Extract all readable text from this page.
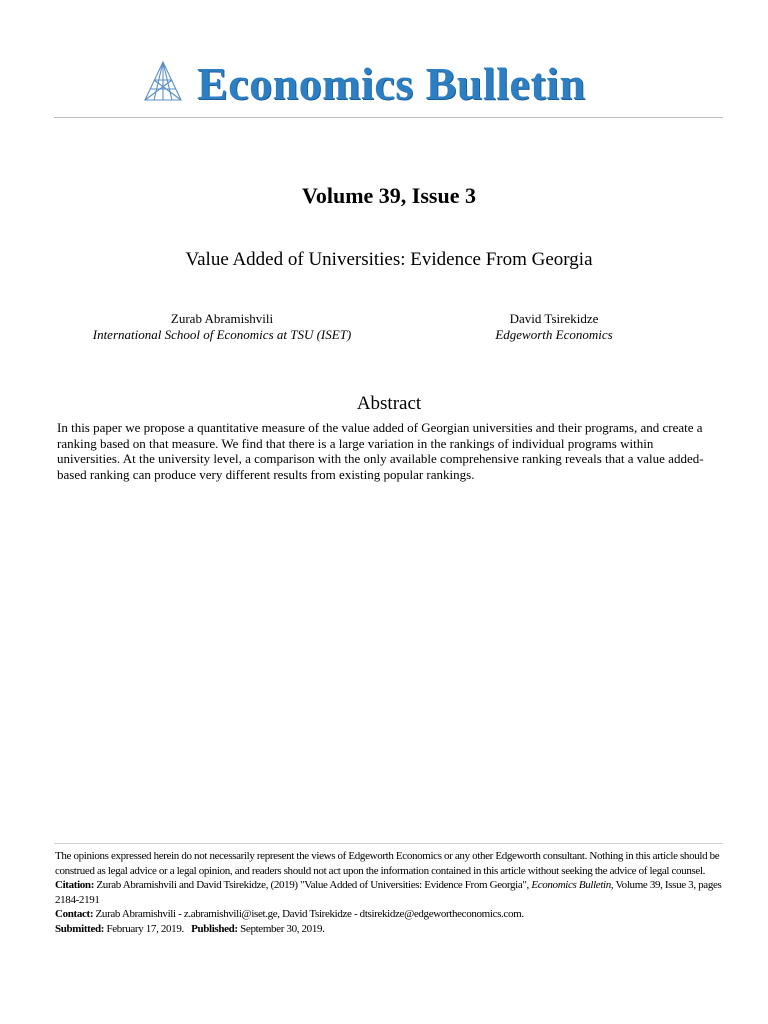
Economics Bulletin
Volume 39, Issue 3
Value Added of Universities: Evidence From Georgia
Zurab Abramishvili
International School of Economics at TSU (ISET)
David Tsirekidze
Edgeworth Economics
Abstract
In this paper we propose a quantitative measure of the value added of Georgian universities and their programs, and create a ranking based on that measure. We find that there is a large variation in the rankings of individual programs within universities. At the university level, a comparison with the only available comprehensive ranking reveals that a value added-based ranking can produce very different results from existing popular rankings.

The opinions expressed herein do not necessarily represent the views of Edgeworth Economics or any other Edgeworth consultant. Nothing in this article should be construed as legal advice or a legal opinion, and readers should not act upon the information contained in this article without seeking the advice of legal counsel.

Citation: Zurab Abramishvili and David Tsirekidze, (2019) "Value Added of Universities: Evidence From Georgia", Economics Bulletin, Volume 39, Issue 3, pages 2184-2191

Contact: Zurab Abramishvili - z.abramishvili@iset.ge, David Tsirekidze - dtsirekidze@edgewortheconomics.com.

Submitted: February 17, 2019. Published: September 30, 2019.
